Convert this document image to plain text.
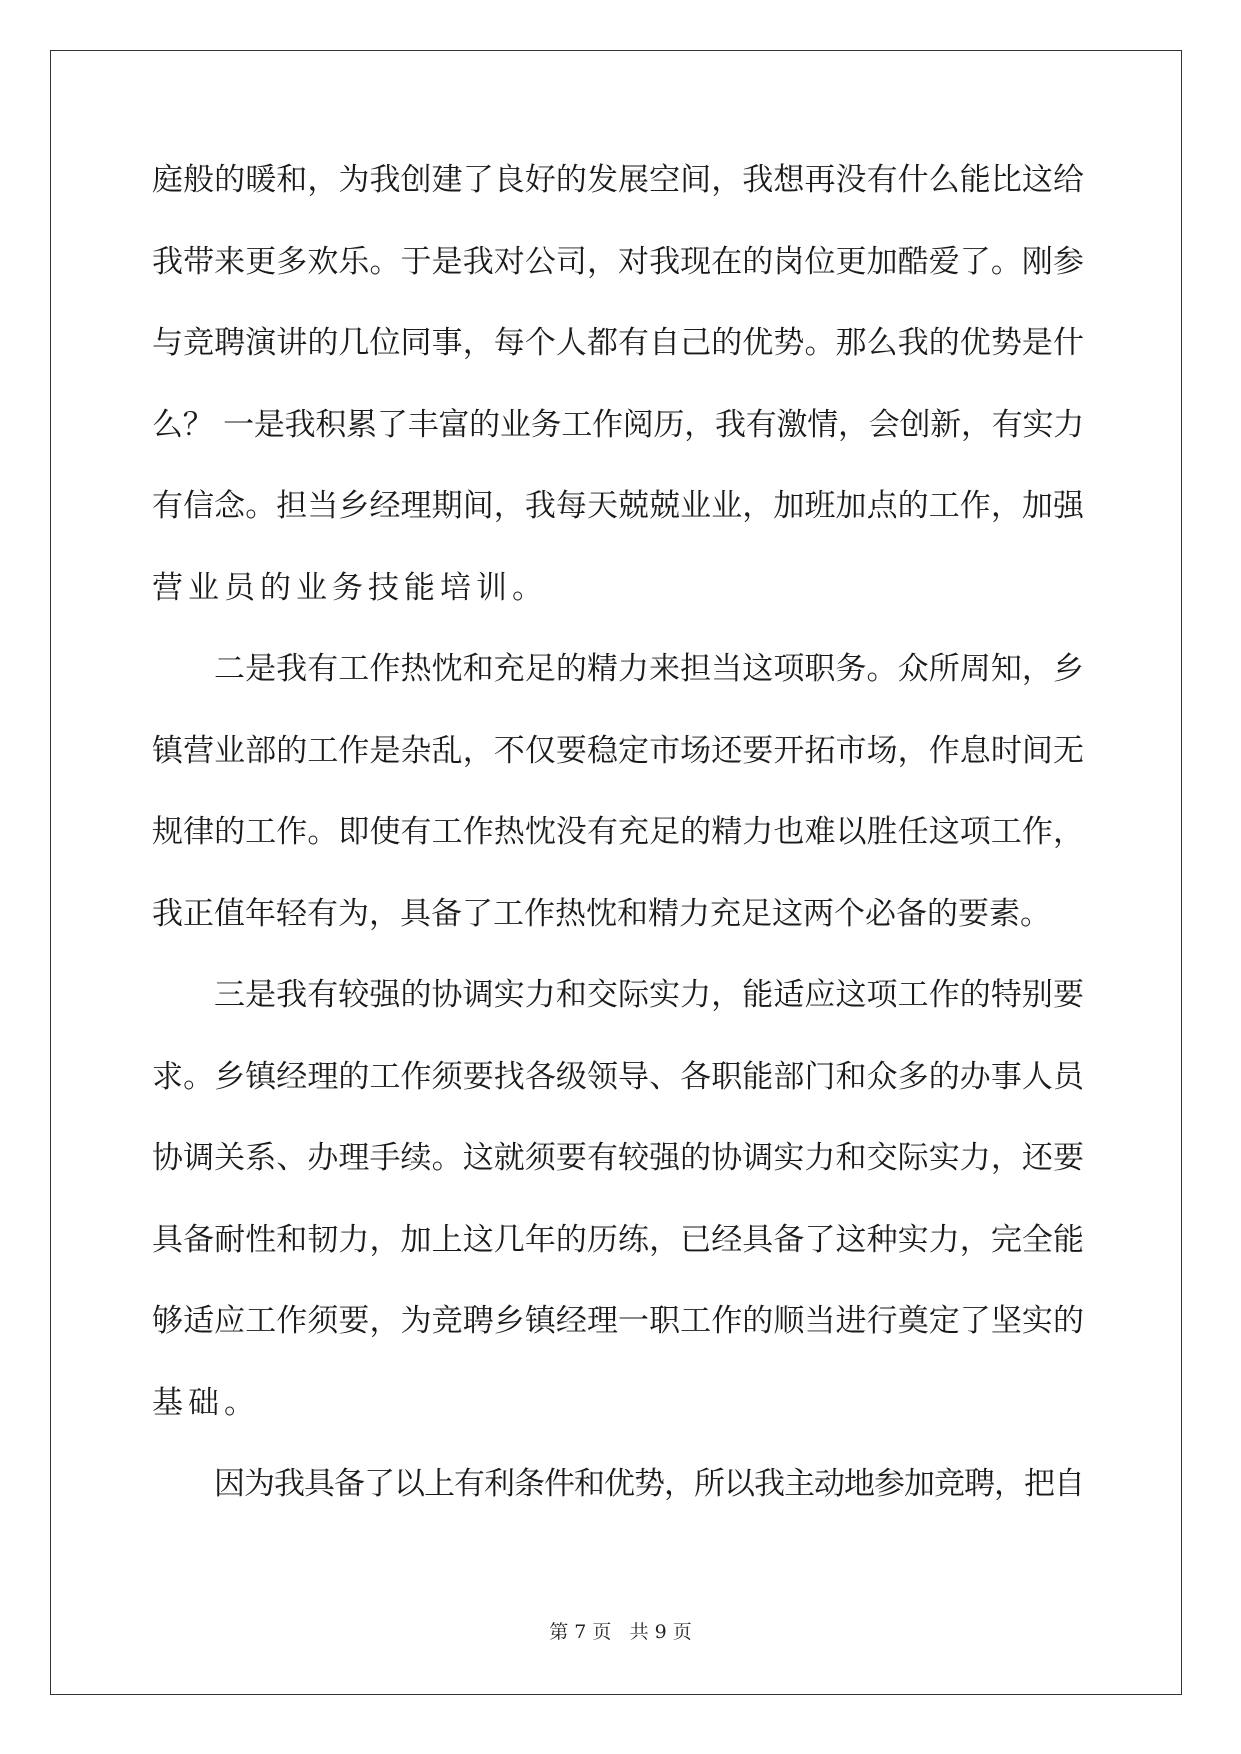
庭般的暖和，为我创建了良好的发展空间，我想再没有什么能比这给
我带来更多欢乐。于是我对公司，对我现在的岗位更加酷爱了。刚参
与竞聘演讲的几位同事，每个人都有自己的优势。那么我的优势是什
么？ 一是我积累了丰富的业务工作阅历，我有激情，会创新，有实力
有信念。担当乡经理期间，我每天兢兢业业，加班加点的工作，加强
营业员的业务技能培训。
二是我有工作热忱和充足的精力来担当这项职务。众所周知，乡
镇营业部的工作是杂乱，不仅要稳定市场还要开拓市场，作息时间无
规律的工作。即使有工作热忱没有充足的精力也难以胜任这项工作，
我正值年轻有为，具备了工作热忱和精力充足这两个必备的要素。
三是我有较强的协调实力和交际实力，能适应这项工作的特别要
求。乡镇经理的工作须要找各级领导、各职能部门和众多的办事人员
协调关系、办理手续。这就须要有较强的协调实力和交际实力，还要
具备耐性和韧力，加上这几年的历练，已经具备了这种实力，完全能
够适应工作须要，为竞聘乡镇经理一职工作的顺当进行奠定了坚实的
基础。
因为我具备了以上有利条件和优势，所以我主动地参加竞聘，把自
第 7 页 共 9 页
